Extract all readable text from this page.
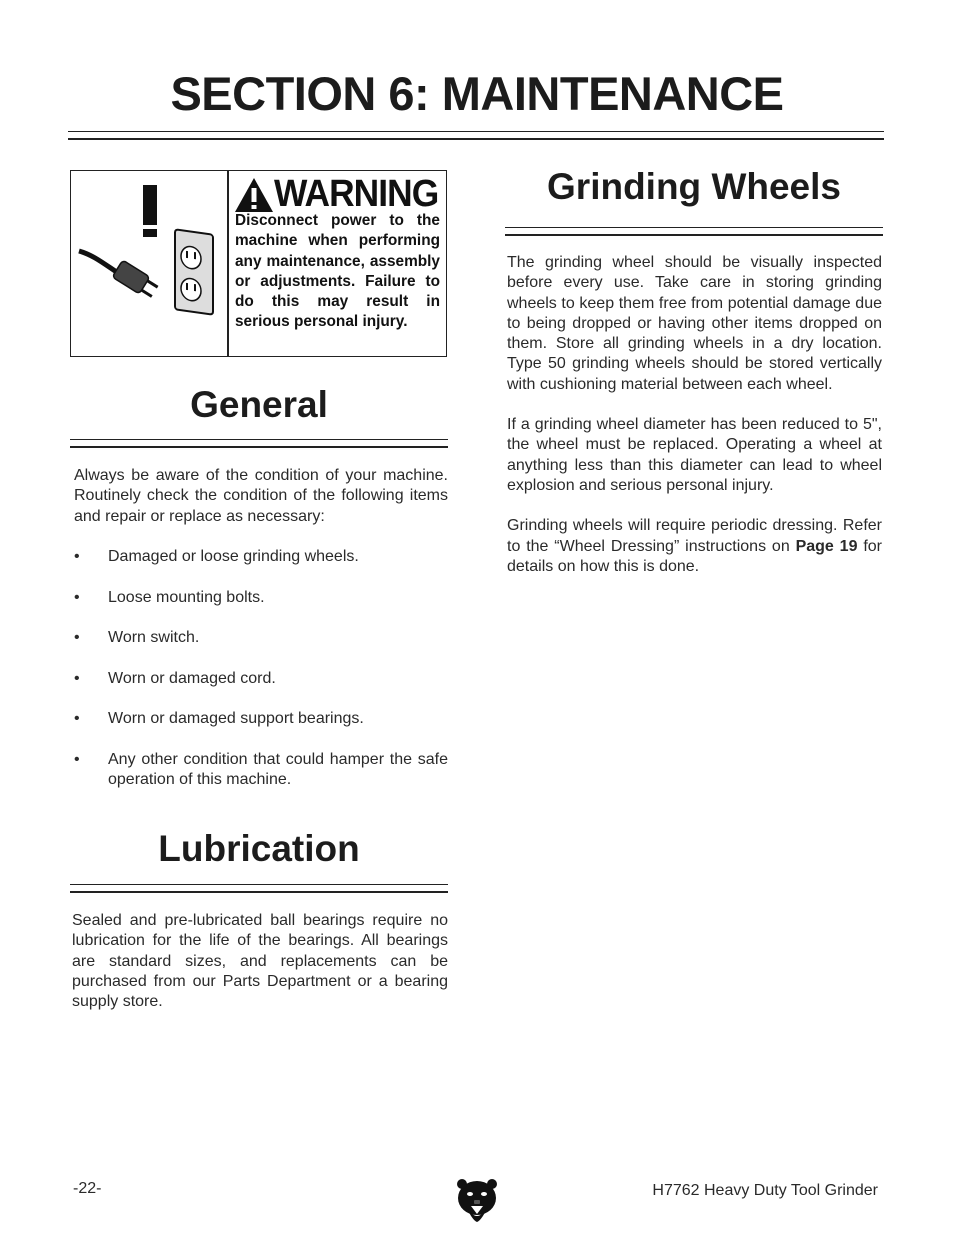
SECTION 6: MAINTENANCE
WARNING
Disconnect power to the machine when performing any maintenance, assembly or adjustments. Failure to do this may result in serious personal injury.
General
Always be aware of the condition of your machine. Routinely check the condition of the following items and repair or replace as necessary:
• Damaged or loose grinding wheels.
• Loose mounting bolts.
• Worn switch.
• Worn or damaged cord.
• Worn or damaged support bearings.
• Any other condition that could hamper the safe operation of this machine.
Lubrication
Sealed and pre-lubricated ball bearings require no lubrication for the life of the bearings. All bearings are standard sizes, and replacements can be purchased from our Parts Department or a bearing supply store.
Grinding Wheels

The grinding wheel should be visually inspected before every use. Take care in storing grinding wheels to keep them free from potential damage due to being dropped or having other items dropped on them. Store all grinding wheels in a dry location. Type 50 grinding wheels should be stored vertically with cushioning material between each wheel.

If a grinding wheel diameter has been reduced to 5", the wheel must be replaced. Operating a wheel at anything less than this diameter can lead to wheel explosion and serious personal injury.

Grinding wheels will require periodic dressing. Refer to the “Wheel Dressing” instructions on Page 19 for details on how this is done.

-22-	H7762 Heavy Duty Tool Grinder
